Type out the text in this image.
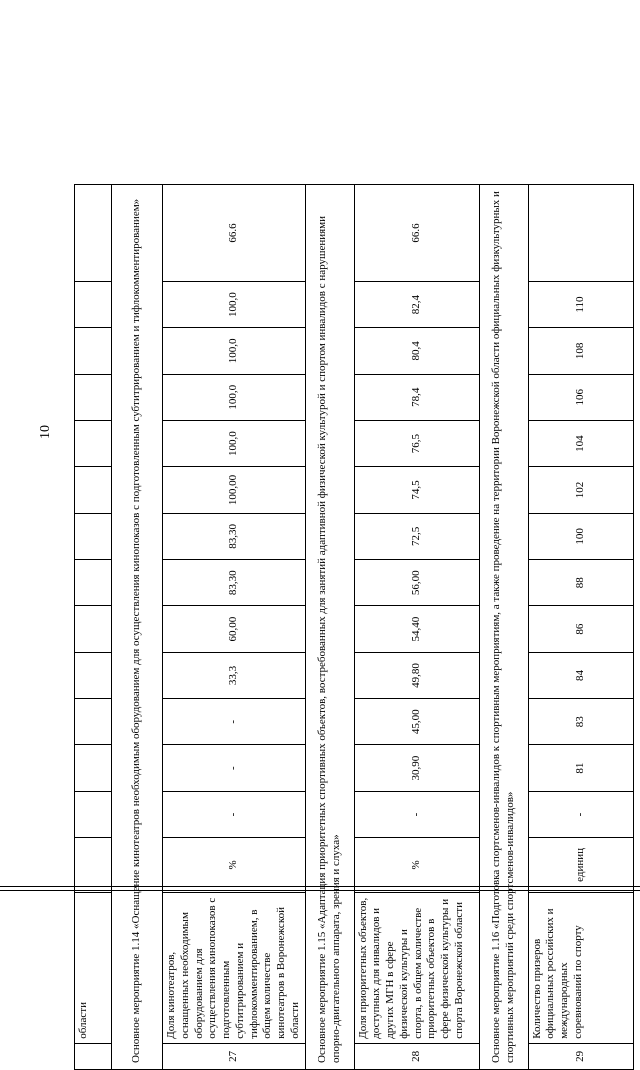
10
	области														
Основное мероприятие 1.14 «Оснащение кинотеатров необходимым оборудованием для осуществления кинопоказов с подготовленным субтитрированием и тифлокомментированием»															
27	Доля кинотеатров, оснащенных необходимым оборудованием для осуществления кинопоказов с подготовленным субтитрированием и тифлокомментированием, в общем количестве кинотеатров в Воронежской области	%	-	-	-	33,3	60,00	83,30	83,30	100,00	100,0	100,0	100,0	100,0	66.6
Основное мероприятие 1.15 «Адаптация приоритетных спортивных объектов, востребованных для занятий адаптивной физической культурой и спортом инвалидов с нарушениями опорно-двигательного аппарата, зрения и слуха»															
28	Доля приоритетных объектов, доступных для инвалидов и других МГН в сфере физической культуры и спорта, в общем количестве приоритетных объектов в сфере физической культуры и спорта Воронежской области	%	-	30,90	45,00	49,80	54,40	56,00	72,5	74,5	76,5	78,4	80,4	82,4	66.6
Основное мероприятие 1.16 «Подготовка спортсменов-инвалидов к спортивным мероприятиям, а также проведение на территории Воронежской области официальных физкультурных и спортивных мероприятий среди спортсменов-инвалидов»															
29	Количество призеров официальных российских и международных соревнований по спорту	единиц	-	81	83	84	86	88	100	102	104	106	108	110	
